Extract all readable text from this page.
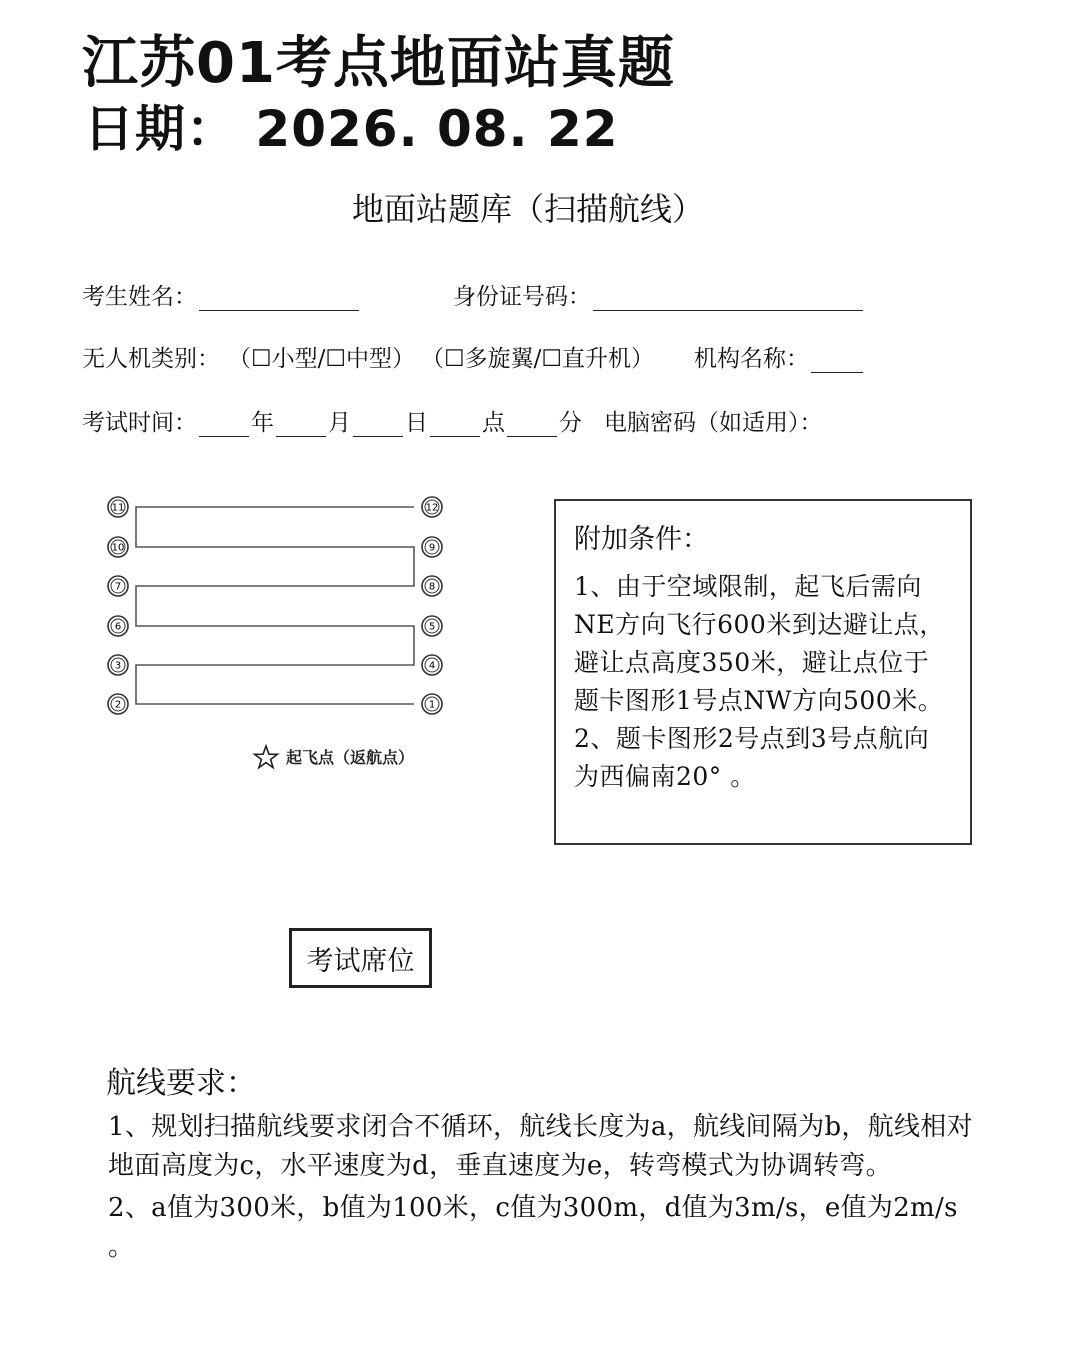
江苏01考点地面站真题
日期： 2026. 08. 22
地面站题库（扫描航线）
考生姓名：	身份证号码：
无人机类别： （☐小型/☐中型） （☐多旋翼/☐直升机） 机构名称：
考试时间： 年 月 日 点 分 电脑密码（如适用）：
1
2
3	4
5
6
7	8
9
10
11	12
起飞点（返航点）
附加条件：
1、由于空域限制，起飞后需向
NE方向飞行600米到达避让点，
避让点高度350米，避让点位于
题卡图形1号点NW方向500米。
2、题卡图形2号点到3号点航向
为西偏南20° 。
考试席位
航线要求：

1、规划扫描航线要求闭合不循环，航线长度为a，航线间隔为b，航线相对地面高度为c，水平速度为d，垂直速度为e，转弯模式为协调转弯。

2、a值为300米，b值为100米，c值为300m，d值为3m/s，e值为2m/s

。
